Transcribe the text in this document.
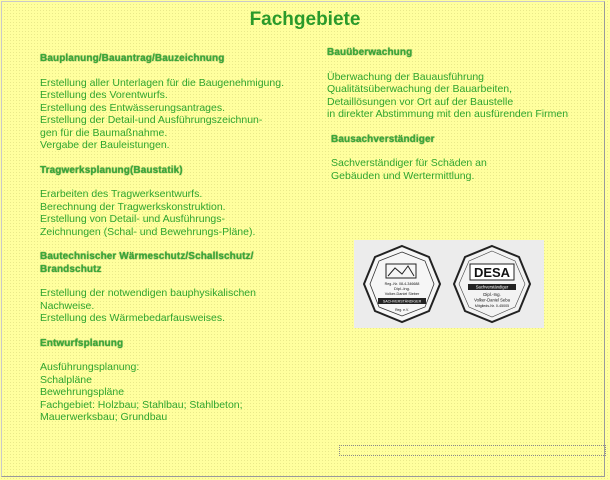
Fachgebiete
Bauplanung/Bauantrag/Bauzeichnung
Erstellung aller Unterlagen für die Baugenehmigung.
Erstellung des Vorentwurfs.
Erstellung des Entwässerungsantrages.
Erstellung der Detail-und Ausführungszeichnun-
gen für die Baumaßnahme.
Vergabe der Bauleistungen.
Tragwerksplanung(Baustatik)
Erarbeiten des Tragwerksentwurfs.
Berechnung der Tragwerkskonstruktion.
Erstellung von Detail- und Ausführungs-
Zeichnungen (Schal- und Bewehrungs-Pläne).
Bautechnischer Wärmeschutz/Schallschutz/
Brandschutz
Erstellung der notwendigen bauphysikalischen
Nachweise.
Erstellung des Wärmebedarfausweises.
Entwurfsplanung
Ausführungsplanung:
Schalpläne
Bewehrungspläne
Fachgebiet: Holzbau; Stahlbau; Stahlbeton;
Mauerwerksbau; Grundbau
Bauüberwachung
Überwachung der Bauausführung
Qualitätsüberwachung der Bauarbeiten,
Detaillösungen vor Ort auf der Baustelle
in direkter Abstimmung mit den ausfürenden Firmen
Bausachverständiger
Sachverständiger für Schäden an
Gebäuden und Wertermittlung.
Reg.-Nr. 08-4-346688
Dipl.-Ing.
Volker-Daniel Sieber
SACHVERSTÄNDIGER
Reg. e.V.
DESA
Sachverständiger
Dipl.-Ing.
Volker-Daniel Seba
Mitglieds-Nr. 0-45005
